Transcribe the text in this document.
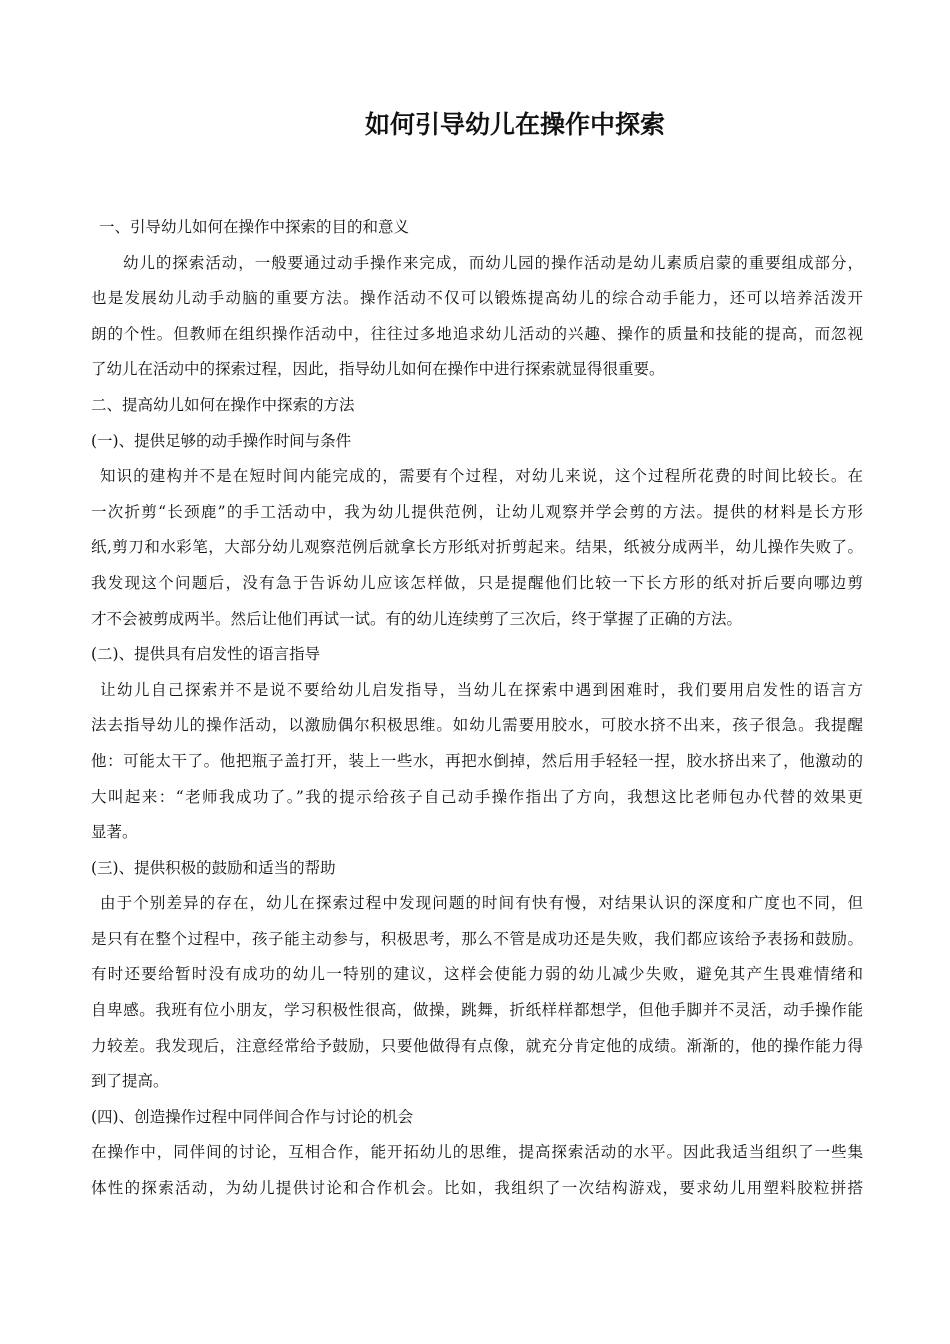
如何引导幼儿在操作中探索
一、引导幼儿如何在操作中探索的目的和意义
幼儿的探索活动，一般要通过动手操作来完成，而幼儿园的操作活动是幼儿素质启蒙的重要组成部分，
也是发展幼儿动手动脑的重要方法。操作活动不仅可以锻炼提高幼儿的综合动手能力，还可以培养活泼开
朗的个性。但教师在组织操作活动中，往往过多地追求幼儿活动的兴趣、操作的质量和技能的提高，而忽视
了幼儿在活动中的探索过程，因此，指导幼儿如何在操作中进行探索就显得很重要。
二、提高幼儿如何在操作中探索的方法
(一)、提供足够的动手操作时间与条件
知识的建构并不是在短时间内能完成的，需要有个过程，对幼儿来说，这个过程所花费的时间比较长。在
一次折剪“长颈鹿”的手工活动中，我为幼儿提供范例，让幼儿观察并学会剪的方法。提供的材料是长方形
纸,剪刀和水彩笔，大部分幼儿观察范例后就拿长方形纸对折剪起来。结果，纸被分成两半，幼儿操作失败了。
我发现这个问题后，没有急于告诉幼儿应该怎样做，只是提醒他们比较一下长方形的纸对折后要向哪边剪
才不会被剪成两半。然后让他们再试一试。有的幼儿连续剪了三次后，终于掌握了正确的方法。
(二)、提供具有启发性的语言指导
让幼儿自己探索并不是说不要给幼儿启发指导，当幼儿在探索中遇到困难时，我们要用启发性的语言方
法去指导幼儿的操作活动，以激励偶尔积极思维。如幼儿需要用胶水，可胶水挤不出来，孩子很急。我提醒
他：可能太干了。他把瓶子盖打开，装上一些水，再把水倒掉，然后用手轻轻一捏，胶水挤出来了，他激动的
大叫起来：“老师我成功了。”我的提示给孩子自己动手操作指出了方向，我想这比老师包办代替的效果更
显著。
(三)、提供积极的鼓励和适当的帮助
由于个别差异的存在，幼儿在探索过程中发现问题的时间有快有慢，对结果认识的深度和广度也不同，但
是只有在整个过程中，孩子能主动参与，积极思考，那么不管是成功还是失败，我们都应该给予表扬和鼓励。
有时还要给暂时没有成功的幼儿一特别的建议，这样会使能力弱的幼儿减少失败，避免其产生畏难情绪和
自卑感。我班有位小朋友，学习积极性很高，做操，跳舞，折纸样样都想学，但他手脚并不灵活，动手操作能
力较差。我发现后，注意经常给予鼓励，只要他做得有点像，就充分肯定他的成绩。渐渐的，他的操作能力得
到了提高。
(四)、创造操作过程中同伴间合作与讨论的机会
在操作中，同伴间的讨论，互相合作，能开拓幼儿的思维，提高探索活动的水平。因此我适当组织了一些集
体性的探索活动，为幼儿提供讨论和合作机会。比如，我组织了一次结构游戏，要求幼儿用塑料胶粒拼搭
